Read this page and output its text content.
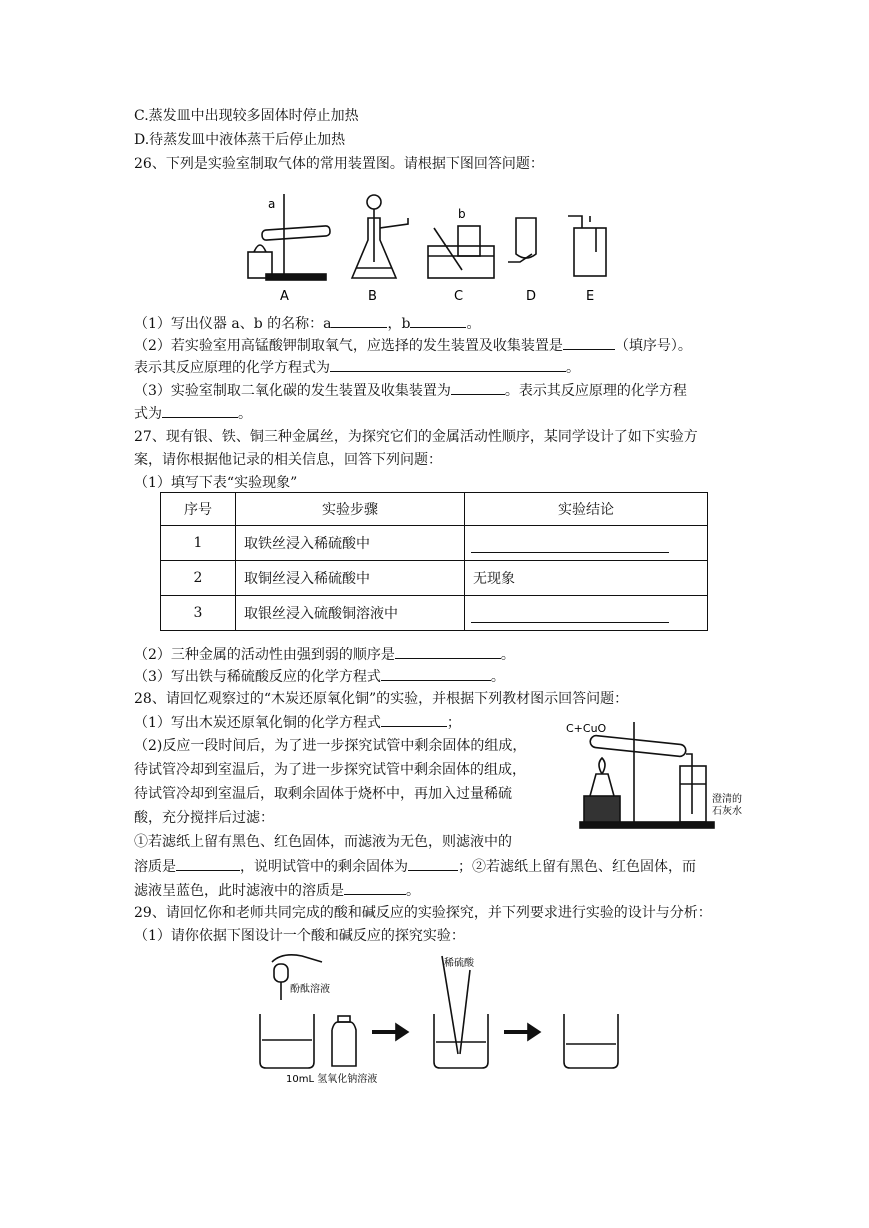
C.蒸发皿中出现较多固体时停止加热
D.待蒸发皿中液体蒸干后停止加热
26、下列是实验室制取气体的常用装置图。请根据下图回答问题：
a
b
A	B	C	D	E
（1）写出仪器 a、b 的名称：a	，b	。
（2）若实验室用高锰酸钾制取氧气，应选择的发生装置及收集装置是	（填序号）。
表示其反应原理的化学方程式为	。
（3）实验室制取二氧化碳的发生装置及收集装置为	。表示其反应原理的化学方程
式为	。
27、现有银、铁、铜三种金属丝，为探究它们的金属活动性顺序，某同学设计了如下实验方
案，请你根据他记录的相关信息，回答下列问题：
（1）填写下表“实验现象”
序号	实验步骤	实验结论
1	取铁丝浸入稀硫酸中	

2	取铜丝浸入稀硫酸中	无现象
3	取银丝浸入硫酸铜溶液中	
（2）三种金属的活动性由强到弱的顺序是	。
（3）写出铁与稀硫酸反应的化学方程式	。
28、请回忆观察过的“木炭还原氧化铜”的实验，并根据下列教材图示回答问题：
（1）写出木炭还原氧化铜的化学方程式	；
（2)反应一段时间后，为了进一步探究试管中剩余固体的组成，
待试管冷却到室温后，为了进一步探究试管中剩余固体的组成，
待试管冷却到室温后，取剩余固体于烧杯中，再加入过量稀硫
酸，充分搅拌后过滤：
①若滤纸上留有黑色、红色固体，而滤液为无色，则滤液中的
溶质是	，说明试管中的剩余固体为	；②若滤纸上留有黑色、红色固体，而
滤液呈蓝色，此时滤液中的溶质是	。
C+CuO
澄清的
石灰水
29、请回忆你和老师共同完成的酸和碱反应的实验探究，并下列要求进行实验的设计与分析：
（1）请你依据下图设计一个酸和碱反应的探究实验：
酚酞溶液
稀硫酸
10mL 氢氧化钠溶液
